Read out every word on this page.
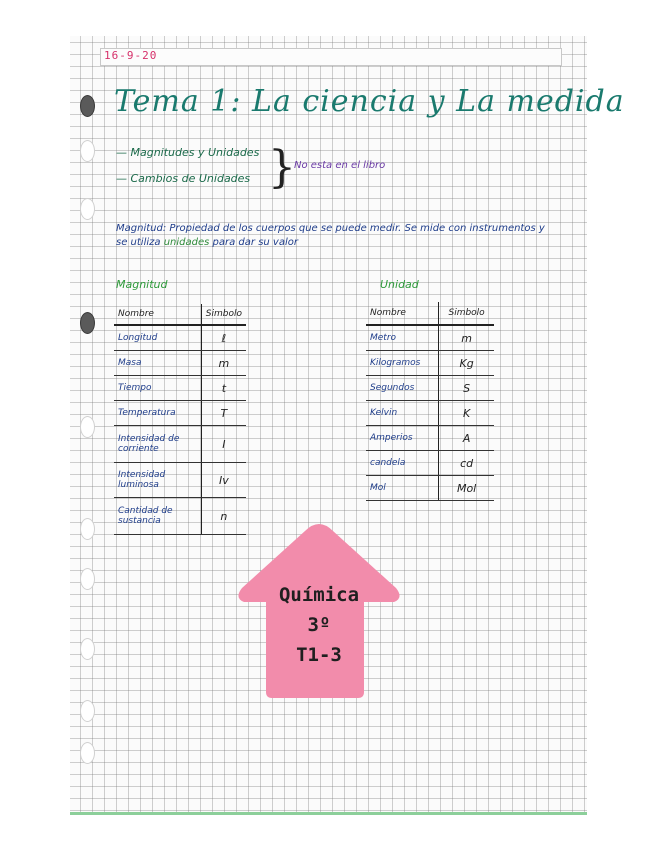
16-9-20
Tema 1: La ciencia y La medida
— Magnitudes y Unidades
— Cambios de Unidades }
No esta en el libro
Magnitud: Propiedad de los cuerpos que se puede medir. Se mide con instrumentos y se utiliza unidades para dar su valor
Magnitud
Nombre	Simbolo
Longitud	ℓ
Masa	m
Tiempo	t
Temperatura	T
Intensidad de corriente	I
Intensidad luminosa	Iv
Cantidad de sustancia	n
Unidad
Nombre	Simbolo
Metro	m
Kilogramos	Kg
Segundos	S
Kelvin	K
Amperios	A
candela	cd
Mol	Mol
Química
3º
T1-3
